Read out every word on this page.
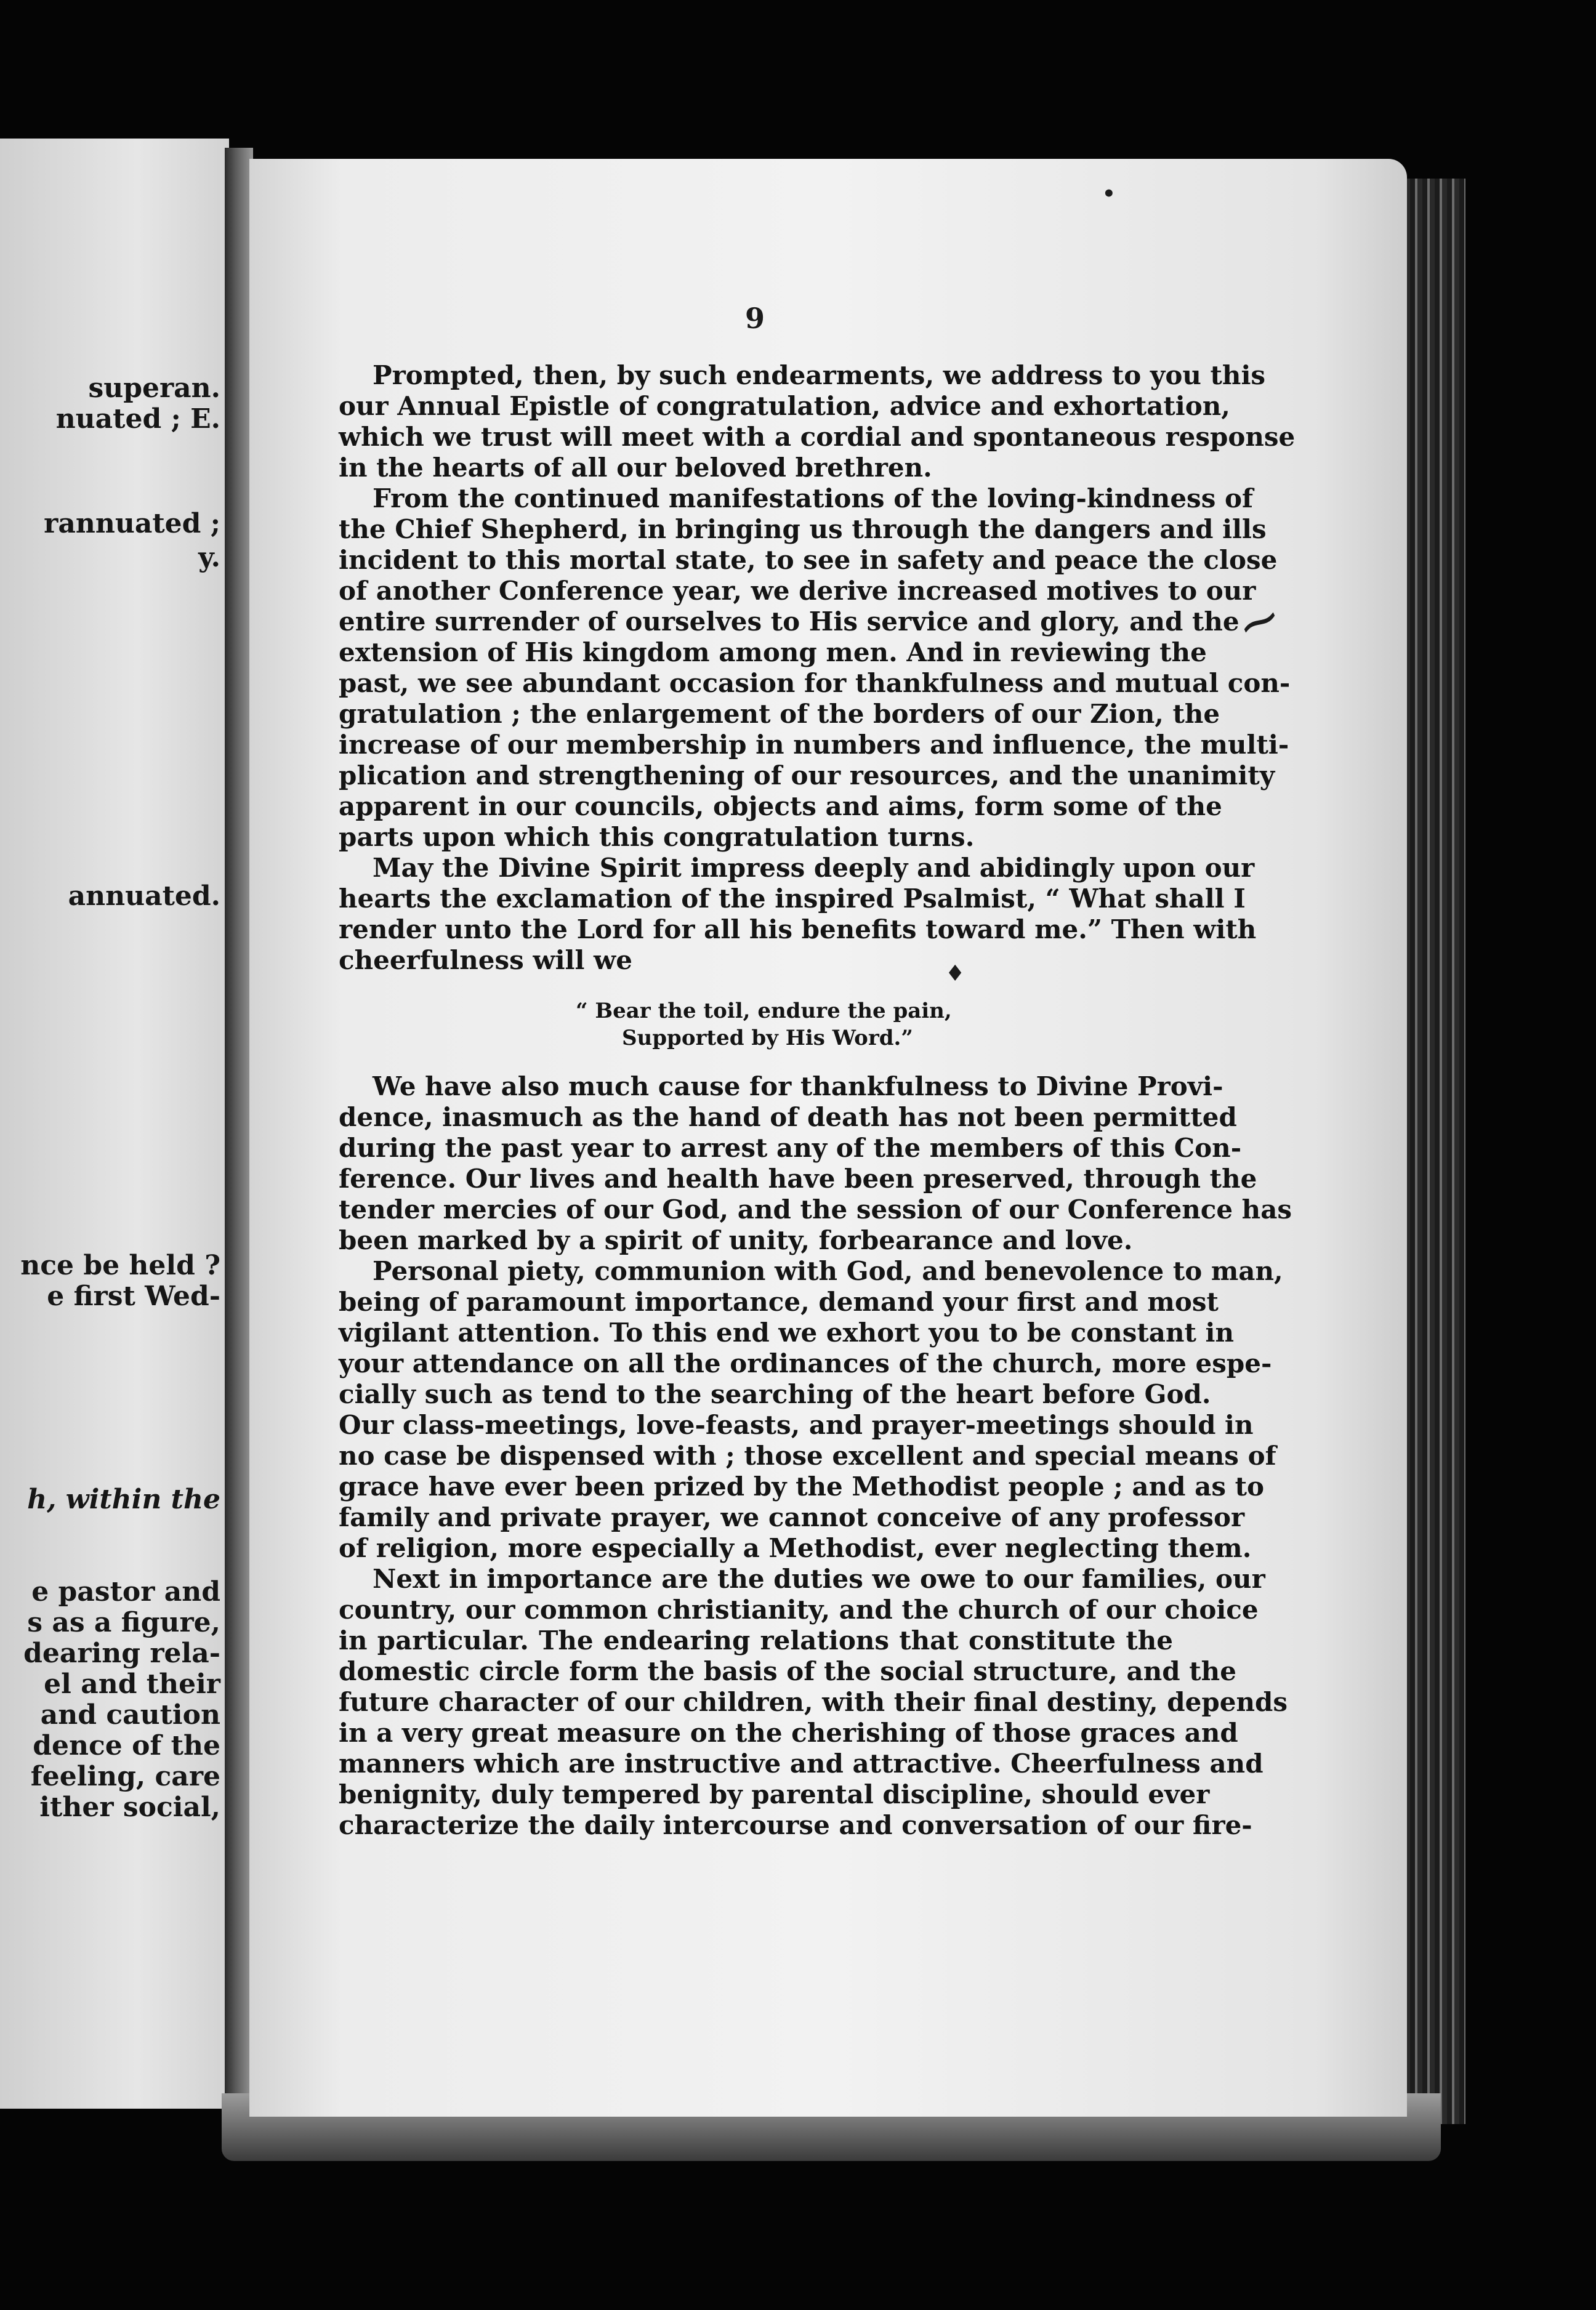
superan.
nuated ; E.
rannuated ;
y.
annuated.
nce be held ?
e first Wed-
h, within the
e pastor and
s as a figure,
dearing rela-
el and their
and caution
dence of the
feeling, care
ither social,
•
⁓
♦
9
Prompted, then, by such endearments, we address to you this
our Annual Epistle of congratulation, advice and exhortation,
which we trust will meet with a cordial and spontaneous response
in the hearts of all our beloved brethren.
From the continued manifestations of the loving-kindness of
the Chief Shepherd, in bringing us through the dangers and ills
incident to this mortal state, to see in safety and peace the close
of another Conference year, we derive increased motives to our
entire surrender of ourselves to His service and glory, and the
extension of His kingdom among men. And in reviewing the
past, we see abundant occasion for thankfulness and mutual con-
gratulation ; the enlargement of the borders of our Zion, the
increase of our membership in numbers and influence, the multi-
plication and strengthening of our resources, and the unanimity
apparent in our councils, objects and aims, form some of the
parts upon which this congratulation turns.
May the Divine Spirit impress deeply and abidingly upon our
hearts the exclamation of the inspired Psalmist, “ What shall I
render unto the Lord for all his benefits toward me.” Then with
cheerfulness will we
“ Bear the toil, endure the pain,
Supported by His Word.”
We have also much cause for thankfulness to Divine Provi-
dence, inasmuch as the hand of death has not been permitted
during the past year to arrest any of the members of this Con-
ference. Our lives and health have been preserved, through the
tender mercies of our God, and the session of our Conference has
been marked by a spirit of unity, forbearance and love.
Personal piety, communion with God, and benevolence to man,
being of paramount importance, demand your first and most
vigilant attention. To this end we exhort you to be constant in
your attendance on all the ordinances of the church, more espe-
cially such as tend to the searching of the heart before God.
Our class-meetings, love-feasts, and prayer-meetings should in
no case be dispensed with ; those excellent and special means of
grace have ever been prized by the Methodist people ; and as to
family and private prayer, we cannot conceive of any professor
of religion, more especially a Methodist, ever neglecting them.
Next in importance are the duties we owe to our families, our
country, our common christianity, and the church of our choice
in particular. The endearing relations that constitute the
domestic circle form the basis of the social structure, and the
future character of our children, with their final destiny, depends
in a very great measure on the cherishing of those graces and
manners which are instructive and attractive. Cheerfulness and
benignity, duly tempered by parental discipline, should ever
characterize the daily intercourse and conversation of our fire-
